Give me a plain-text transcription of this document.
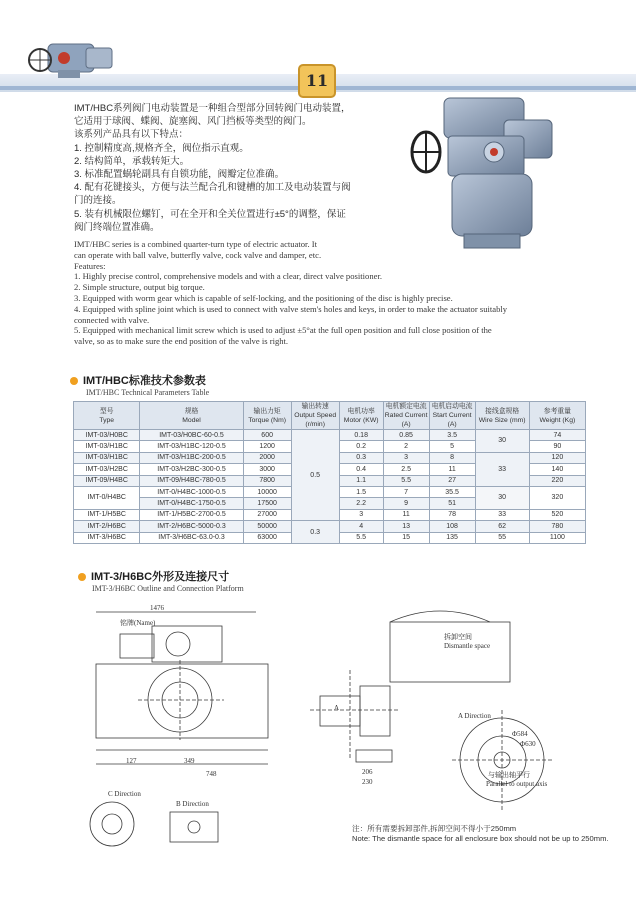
11
IMT/HBC系列阀门电动装置是一种组合型部分回转阀门电动装置，
它适用于球阀、蝶阀、旋塞阀、风门挡板等类型的阀门。
该系列产品具有以下特点：
1. 控制精度高,规格齐全，阀位指示直观。
2. 结构简单，承载转矩大。
3. 标准配置蜗轮副具有自锁功能，阀瓣定位准确。
4. 配有花键接头，方便与法兰配合孔和键槽的加工及电动装置与阀
门的连接。
5. 装有机械限位螺钉，可在全开和全关位置进行±5°的调整，保证
阀门终端位置准确。
IMT/HBC series is a combined quarter-turn type of electric actuator. It
can operate with ball valve, butterfly valve, cock valve and damper, etc.
Features:
1. Highly precise control, comprehensive models and with a clear, direct valve positioner.
2. Simple structure, output big torque.
3. Equipped with worm gear which is capable of self-locking, and the positioning of the disc is highly precise.
4. Equipped with spline joint which is used to connect with valve stem's holes and keys, in order to make the actuator suitably
connected with valve.
5. Equipped with mechanical limit screw which is used to adjust ±5°at the full open position and full close position of the
valve, so as to make sure the end position of the valve is right.
IMT/HBC标准技术参数表
IMT/HBC Technical Parameters Table
型号
Type	规格
Model	输出力矩
Torque (Nm)	输出转速
Output Speed (r/min)	电机功率
Motor (KW)	电机额定电流
Rated Current (A)	电机启动电流
Start Current (A)	接线盒规格
Wire Size (mm)	参考重量
Weight (Kg)
IMT-03/H0BC	IMT-03/H0BC-60-0.5	600	0.5	0.18	0.85	3.5	30	74
IMT-03/H1BC	IMT-03/H1BC-120-0.5	1200		0.2	2	5		90
IMT-03/H1BC	IMT-03/H1BC-200-0.5	2000		0.3	3	8	33	120
IMT-03/H2BC	IMT-03/H2BC-300-0.5	3000		0.4	2.5	11		140
IMT-09/H4BC	IMT-09/H4BC-780-0.5	7800		1.1	5.5	27		220
IMT-0/H4BC	IMT-0/H4BC-1000-0.5	10000		1.5	7	35.5	30	320
	IMT-0/H4BC-1750-0.5	17500		2.2	9	51		
IMT-1/H5BC	IMT-1/H5BC-2700-0.5	27000		3	11	78	33	520
IMT-2/H6BC	IMT-2/H6BC-5000-0.3	50000	0.3	4	13	108	62	780
IMT-3/H6BC	IMT-3/H6BC-63.0-0.3	63000		5.5	15	135	55	1100
IMT-3/H6BC外形及连接尺寸
IMT-3/H6BC Outline and Connection Platform
1476
铭牌(Name)
拆卸空间
Dismantle space
A Direction
Φ584
Φ630
与输出轴平行
Parallel to output axis
C Direction
B Direction
127	349
748	206
230
A
注：所有需要拆卸部件,拆卸空间不得小于250mm
Note: The dismantle space for all enclosure box should not be up to 250mm.
